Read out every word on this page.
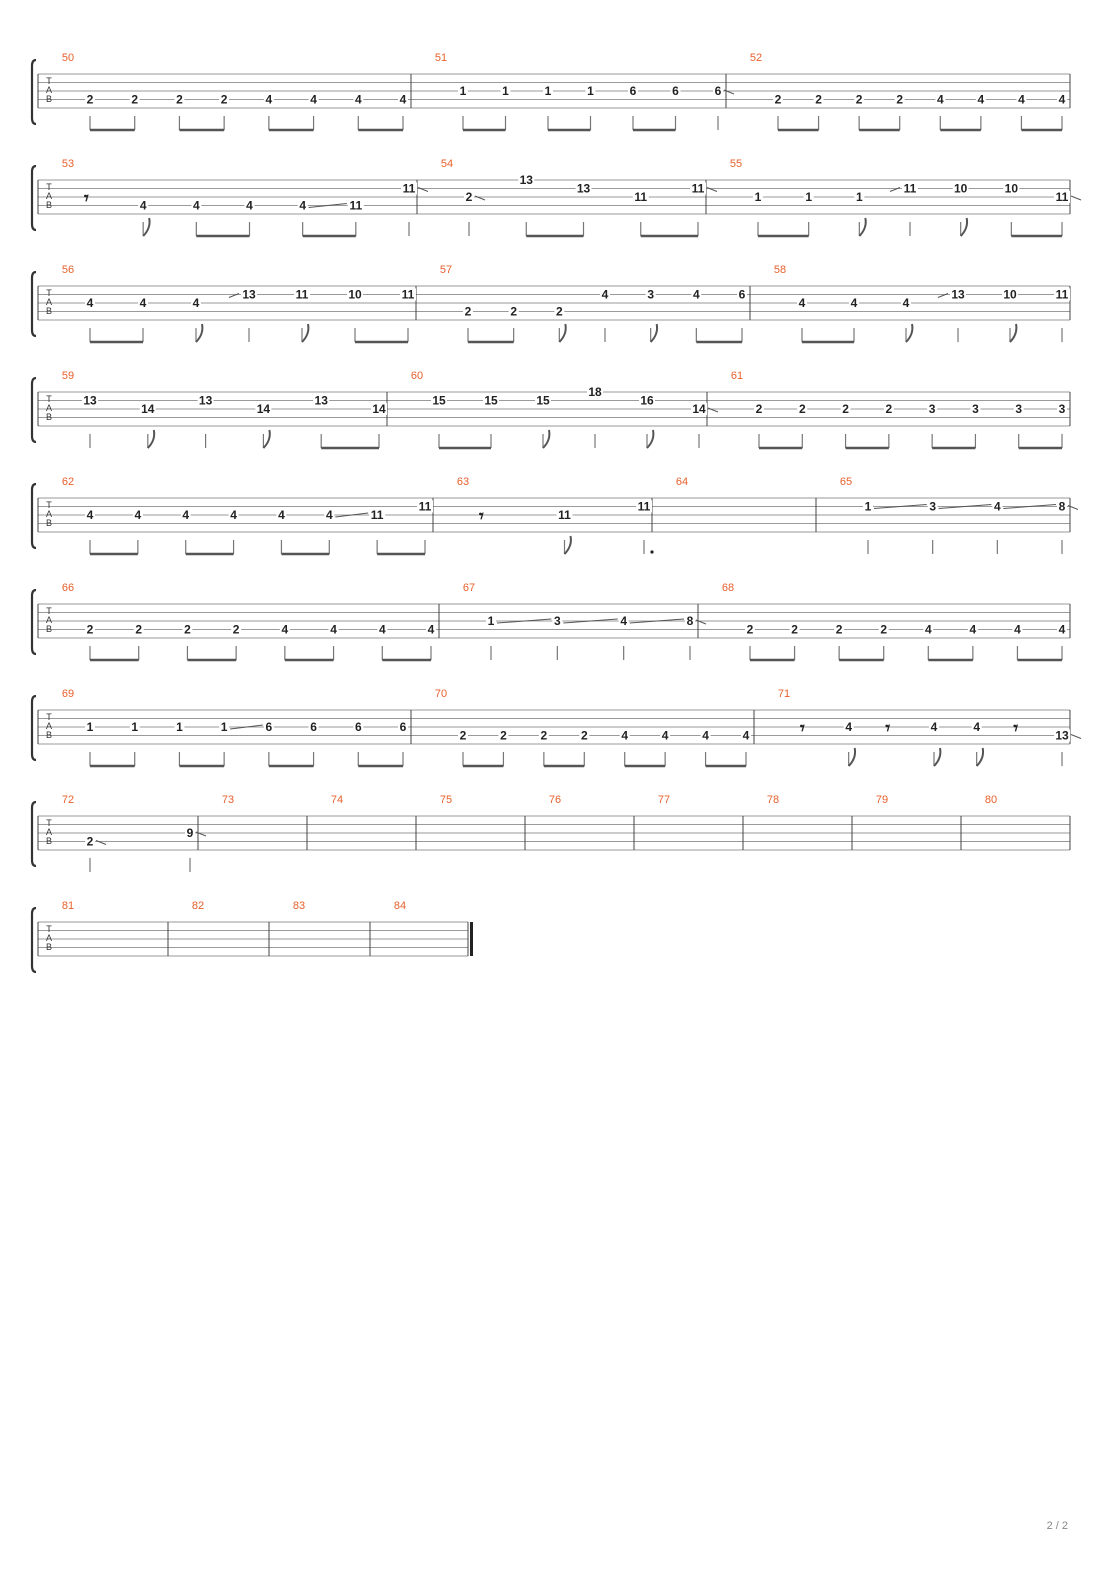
T
A
B
50
2	2	2	2	4	4	4	4
51
1	1	1	1	6	6	6
52
2	2	2	2	4	4	4	4
T
A
B
53
𝄾	4	4	4	4	11
11
54
2
13
13
11
11
55
1	1	1
11	10	10
11
T
A
B
56
4	4	4
13	11	10	11
57
2	2	2
4	3	4	6
58
4	4	4
13	10	11
T
A
B
59
13
14
13
14
13
14
60
15	15	15
18
16
14
61
2	2	2	2	3	3	3	3
T
A
B
62
4	4	4	4	4	4	11
11
63
𝄾	11
11
64	65
1	3	4	8
T
A
B
66
2	2	2	2	4	4	4	4
67
1	3	4	8
68
2	2	2	2	4	4	4	4
T
A
B
69
1	1	1	1	6	6	6	6
70
2	2	2	2	4	4	4	4
71
𝄾	4 𝄾	4	4 𝄾	13
T
A
B
72
2
9
73	74	75	76	77	78	79	80
T
A
B
81	82	83	84
2 / 2
